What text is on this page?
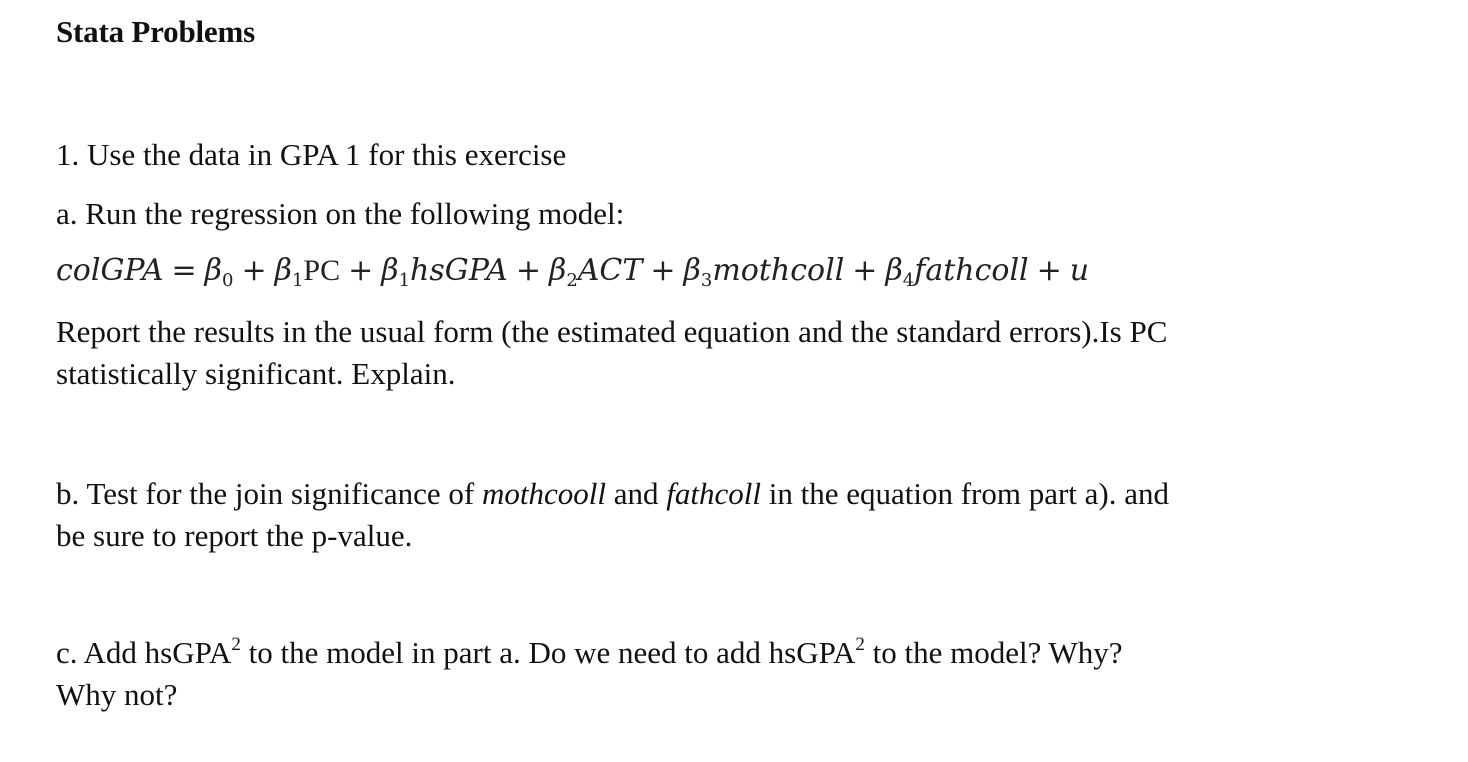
Stata Problems
1. Use the data in GPA 1 for this exercise
a. Run the regression on the following model:
colGPA = $\beta_0 + \beta_1PC$ + $\beta_1hsGPA + \beta_2ACT$ + $\beta_3mothcoll$ + $\beta_4fathcoll + u$
Report the results in the usual form (the estimated equation and the standard errors).Is PC
statistically significant. Explain.
b. Test for the join significance of mothcooll and fathcoll in the equation from part a). and
be sure to report the p-value.
c. Add hsGPA$^2$ to the model in part a. Do we need to add hsGPA$^2$ to the model? Why?
Why not?
